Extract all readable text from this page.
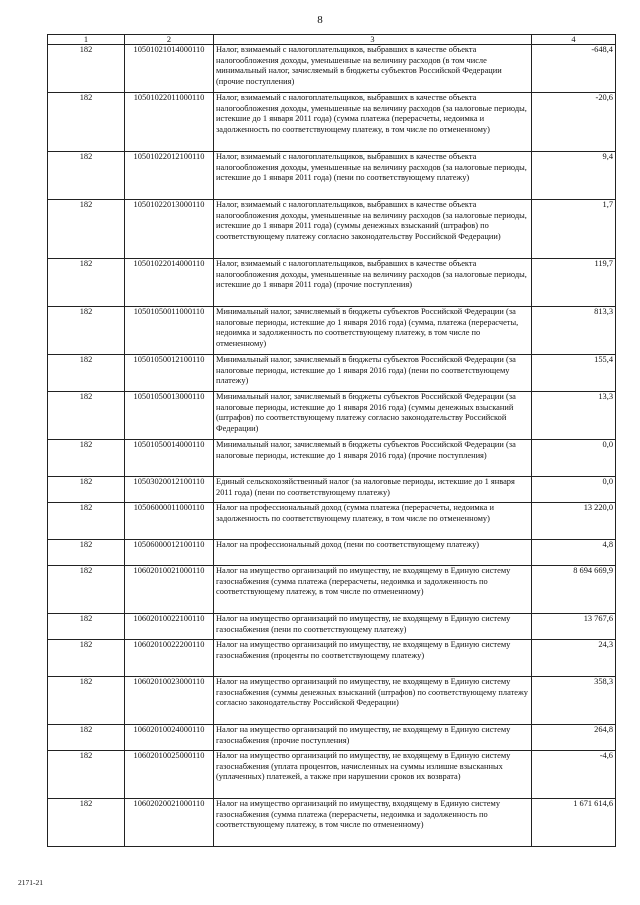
8
1	2	3	4
182	10501021014000110	Налог, взимаемый с налогоплательщиков, выбравших в качестве объекта налогообложения доходы, уменьшенные на величину расходов (в том числе минимальный налог, зачисляемый в бюджеты субъектов Российской Федерации (прочие поступления)	-648,4
182	10501022011000110	Налог, взимаемый с налогоплательщиков, выбравших в качестве объекта налогообложения доходы, уменьшенные на величину расходов (за налоговые периоды, истекшие до 1 января 2011 года) (сумма платежа (перерасчеты, недоимка и задолженность по соответствующему платежу, в том числе по отмененному)	-20,6
182	10501022012100110	Налог, взимаемый с налогоплательщиков, выбравших в качестве объекта налогообложения доходы, уменьшенные на величину расходов (за налоговые периоды, истекшие до 1 января 2011 года) (пени по соответствующему платежу)	9,4
182	10501022013000110	Налог, взимаемый с налогоплательщиков, выбравших в качестве объекта налогообложения доходы, уменьшенные на величину расходов (за налоговые периоды, истекшие до 1 января 2011 года) (суммы денежных взысканий (штрафов) по соответствующему платежу согласно законодательству Российской Федерации)	1,7
182	10501022014000110	Налог, взимаемый с налогоплательщиков, выбравших в качестве объекта налогообложения доходы, уменьшенные на величину расходов (за налоговые периоды, истекшие до 1 января 2011 года) (прочие поступления)	119,7
182	10501050011000110	Минимальный налог, зачисляемый в бюджеты субъектов Российской Федерации (за налоговые периоды, истекшие до 1 января 2016 года) (сумма, платежа (перерасчеты, недоимка и задолженность по соответствующему платежу, в том числе по отмененному)	813,3
182	10501050012100110	Минимальный налог, зачисляемый в бюджеты субъектов Российской Федерации (за налоговые периоды, истекшие до 1 января 2016 года) (пени по соответствующему платежу)	155,4
182	10501050013000110	Минимальный налог, зачисляемый в бюджеты субъектов Российской Федерации (за налоговые периоды, истекшие до 1 января 2016 года) (суммы денежных взысканий (штрафов) по соответствующему платежу согласно законодательству Российской Федерации)	13,3
182	10501050014000110	Минимальный налог, зачисляемый в бюджеты субъектов Российской Федерации (за налоговые периоды, истекшие до 1 января 2016 года) (прочие поступления)	0,0
182	10503020012100110	Единый сельскохозяйственный налог (за налоговые периоды, истекшие до 1 января 2011 года) (пени по соответствующему платежу)	0,0
182	10506000011000110	Налог на профессиональный доход (сумма платежа (перерасчеты, недоимка и задолженность по соответствующему платежу, в том числе по отмененному)	13 220,0
182	10506000012100110	Налог на профессиональный доход (пени по соответствующему платежу)	4,8
182	10602010021000110	Налог на имущество организаций по имуществу, не входящему в Единую систему газоснабжения (сумма платежа (перерасчеты, недоимка и задолженность по соответствующему платежу, в том числе по отмененному)	8 694 669,9
182	10602010022100110	Налог на имущество организаций по имуществу, не входящему в Единую систему газоснабжения (пени по соответствующему платежу)	13 767,6
182	10602010022200110	Налог на имущество организаций по имуществу, не входящему в Единую систему газоснабжения (проценты по соответствующему платежу)	24,3
182	10602010023000110	Налог на имущество организаций по имуществу, не входящему в Единую систему газоснабжения (суммы денежных взысканий (штрафов) по соответствующему платежу согласно законодательству Российской Федерации)	358,3
182	10602010024000110	Налог на имущество организаций по имуществу, не входящему в Единую систему газоснабжения (прочие поступления)	264,8
182	10602010025000110	Налог на имущество организаций по имуществу, не входящему в Единую систему газоснабжения (уплата процентов, начисленных на суммы излишне взысканных (уплаченных) платежей, а также при нарушении сроков их возврата)	-4,6
182	10602020021000110	Налог на имущество организаций по имуществу, входящему в Единую систему газоснабжения (сумма платежа (перерасчеты, недоимка и задолженность по соответствующему платежу, в том числе по отмененному)	1 671 614,6
2171-21
